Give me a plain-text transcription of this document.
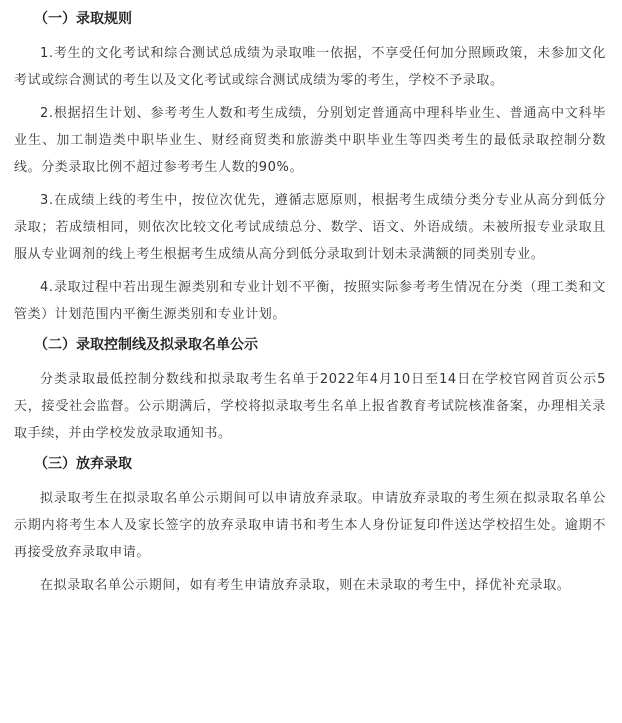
（一）录取规则

1.考生的文化考试和综合测试总成绩为录取唯一依据，不享受任何加分照顾政策，未参加文化考试或综合测试的考生以及文化考试或综合测试成绩为零的考生，学校不予录取。

2.根据招生计划、参考考生人数和考生成绩，分别划定普通高中理科毕业生、普通高中文科毕业生、加工制造类中职毕业生、财经商贸类和旅游类中职毕业生等四类考生的最低录取控制分数线。分类录取比例不超过参考考生人数的90%。

3.在成绩上线的考生中，按位次优先，遵循志愿原则，根据考生成绩分类分专业从高分到低分录取；若成绩相同，则依次比较文化考试成绩总分、数学、语文、外语成绩。未被所报专业录取且服从专业调剂的线上考生根据考生成绩从高分到低分录取到计划未录满额的同类别专业。

4.录取过程中若出现生源类别和专业计划不平衡，按照实际参考考生情况在分类（理工类和文管类）计划范围内平衡生源类别和专业计划。

（二）录取控制线及拟录取名单公示

分类录取最低控制分数线和拟录取考生名单于2022年4月10日至14日在学校官网首页公示5天，接受社会监督。公示期满后，学校将拟录取考生名单上报省教育考试院核准备案，办理相关录取手续，并由学校发放录取通知书。

（三）放弃录取

拟录取考生在拟录取名单公示期间可以申请放弃录取。申请放弃录取的考生须在拟录取名单公示期内将考生本人及家长签字的放弃录取申请书和考生本人身份证复印件送达学校招生处。逾期不再接受放弃录取申请。

在拟录取名单公示期间，如有考生申请放弃录取，则在未录取的考生中，择优补充录取。
